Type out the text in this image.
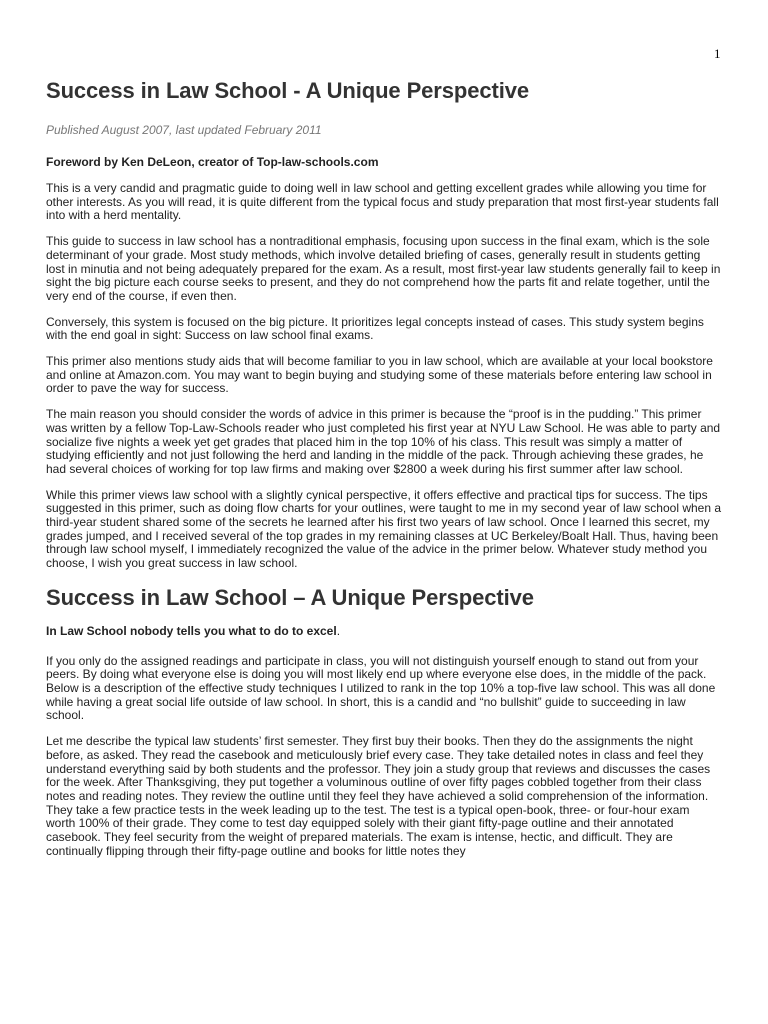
1
Success in Law School - A Unique Perspective
Published August 2007, last updated February 2011
Foreword by Ken DeLeon, creator of Top-law-schools.com

This is a very candid and pragmatic guide to doing well in law school and getting excellent grades while allowing you time for other interests. As you will read, it is quite different from the typical focus and study preparation that most first-year students fall into with a herd mentality.

This guide to success in law school has a nontraditional emphasis, focusing upon success in the final exam, which is the sole determinant of your grade. Most study methods, which involve detailed briefing of cases, generally result in students getting lost in minutia and not being adequately prepared for the exam. As a result, most first-year law students generally fail to keep in sight the big picture each course seeks to present, and they do not comprehend how the parts fit and relate together, until the very end of the course, if even then.

Conversely, this system is focused on the big picture. It prioritizes legal concepts instead of cases. This study system begins with the end goal in sight: Success on law school final exams.

This primer also mentions study aids that will become familiar to you in law school, which are available at your local bookstore and online at Amazon.com. You may want to begin buying and studying some of these materials before entering law school in order to pave the way for success.

The main reason you should consider the words of advice in this primer is because the “proof is in the pudding.” This primer was written by a fellow Top-Law-Schools reader who just completed his first year at NYU Law School. He was able to party and socialize five nights a week yet get grades that placed him in the top 10% of his class. This result was simply a matter of studying efficiently and not just following the herd and landing in the middle of the pack. Through achieving these grades, he had several choices of working for top law firms and making over $2800 a week during his first summer after law school.

While this primer views law school with a slightly cynical perspective, it offers effective and practical tips for success. The tips suggested in this primer, such as doing flow charts for your outlines, were taught to me in my second year of law school when a third-year student shared some of the secrets he learned after his first two years of law school. Once I learned this secret, my grades jumped, and I received several of the top grades in my remaining classes at UC Berkeley/Boalt Hall. Thus, having been through law school myself, I immediately recognized the value of the advice in the primer below. Whatever study method you choose, I wish you great success in law school.

Success in Law School – A Unique Perspective

In Law School nobody tells you what to do to excel.

If you only do the assigned readings and participate in class, you will not distinguish yourself enough to stand out from your peers. By doing what everyone else is doing you will most likely end up where everyone else does, in the middle of the pack. Below is a description of the effective study techniques I utilized to rank in the top 10% a top-five law school. This was all done while having a great social life outside of law school. In short, this is a candid and “no bullshit” guide to succeeding in law school.

Let me describe the typical law students’ first semester. They first buy their books. Then they do the assignments the night before, as asked. They read the casebook and meticulously brief every case. They take detailed notes in class and feel they understand everything said by both students and the professor. They join a study group that reviews and discusses the cases for the week. After Thanksgiving, they put together a voluminous outline of over fifty pages cobbled together from their class notes and reading notes. They review the outline until they feel they have achieved a solid comprehension of the information. They take a few practice tests in the week leading up to the test. The test is a typical open-book, three- or four-hour exam worth 100% of their grade. They come to test day equipped solely with their giant fifty-page outline and their annotated casebook. They feel security from the weight of prepared materials. The exam is intense, hectic, and difficult. They are continually flipping through their fifty-page outline and books for little notes they
